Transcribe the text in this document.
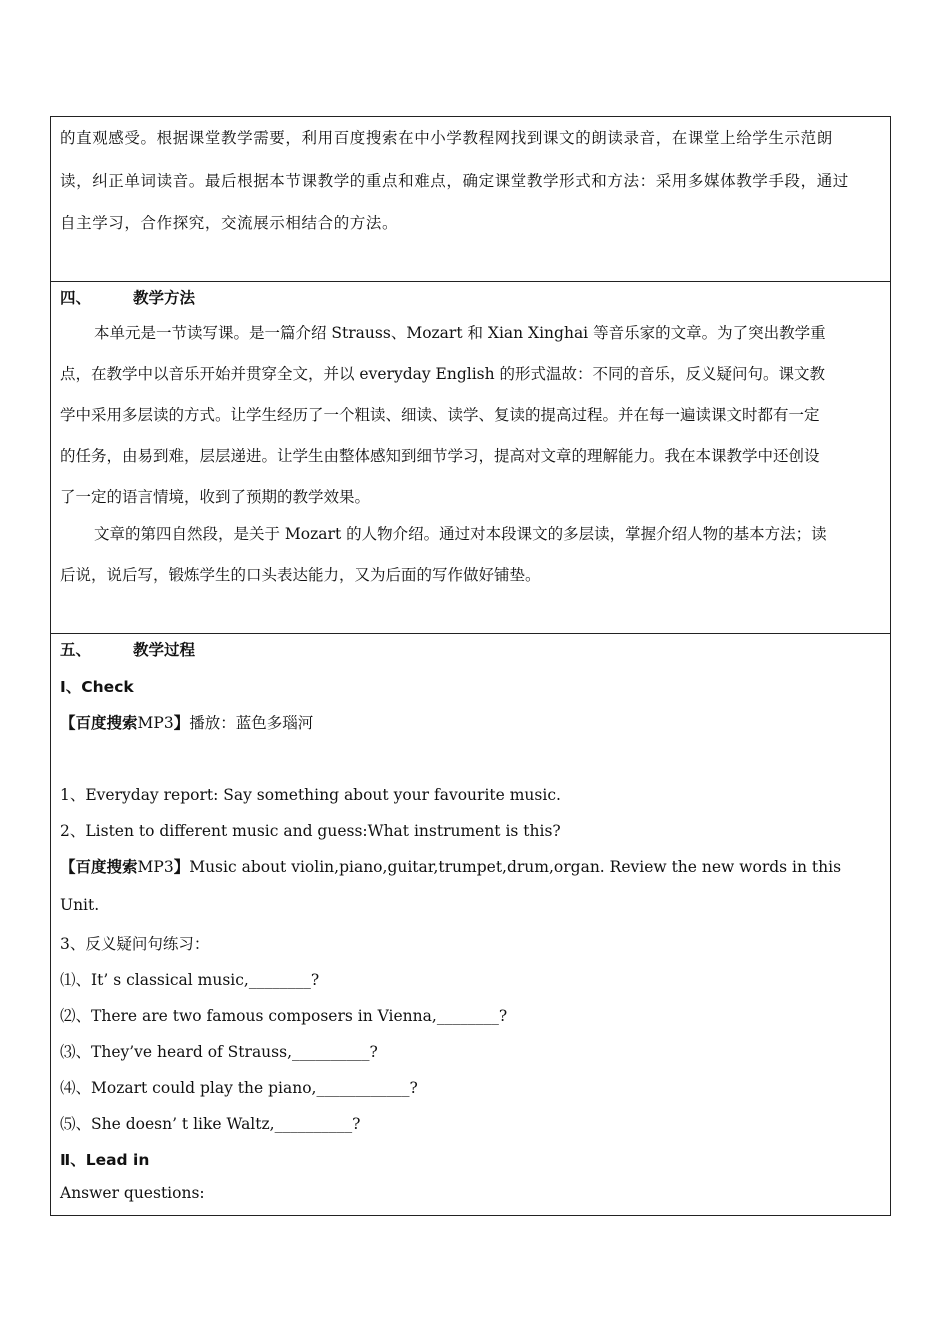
的直观感受。根据课堂教学需要，利用百度搜索在中小学教程网找到课文的朗读录音，在课堂上给学生示范朗
读，纠正单词读音。最后根据本节课教学的重点和难点，确定课堂教学形式和方法：采用多媒体教学手段，通过
自主学习，合作探究，交流展示相结合的方法。
四、	教学方法
本单元是一节读写课。是一篇介绍 Strauss、Mozart 和 Xian Xinghai 等音乐家的文章。为了突出教学重
点，在教学中以音乐开始并贯穿全文，并以 everyday English 的形式温故：不同的音乐，反义疑问句。课文教
学中采用多层读的方式。让学生经历了一个粗读、细读、读学、复读的提高过程。并在每一遍读课文时都有一定
的任务，由易到难，层层递进。让学生由整体感知到细节学习，提高对文章的理解能力。我在本课教学中还创设
了一定的语言情境，收到了预期的教学效果。
文章的第四自然段，是关于 Mozart 的人物介绍。通过对本段课文的多层读，掌握介绍人物的基本方法；读
后说，说后写，锻炼学生的口头表达能力，又为后面的写作做好铺垫。
五、	教学过程
Ⅰ、Check
【百度搜索MP3】播放：蓝色多瑙河
1、Everyday report: Say something about your favourite music.
2、Listen to different music and guess:What instrument is this?
【百度搜索MP3】Music about violin,piano,guitar,trumpet,drum,organ. Review the new words in this
Unit.
3、反义疑问句练习：
⑴、It’ s classical music,________?
⑵、There are two famous composers in Vienna,________?
⑶、They’ve heard of Strauss,__________?
⑷、Mozart could play the piano,____________?
⑸、She doesn’ t like Waltz,__________?
Ⅱ、Lead in
Answer questions:
